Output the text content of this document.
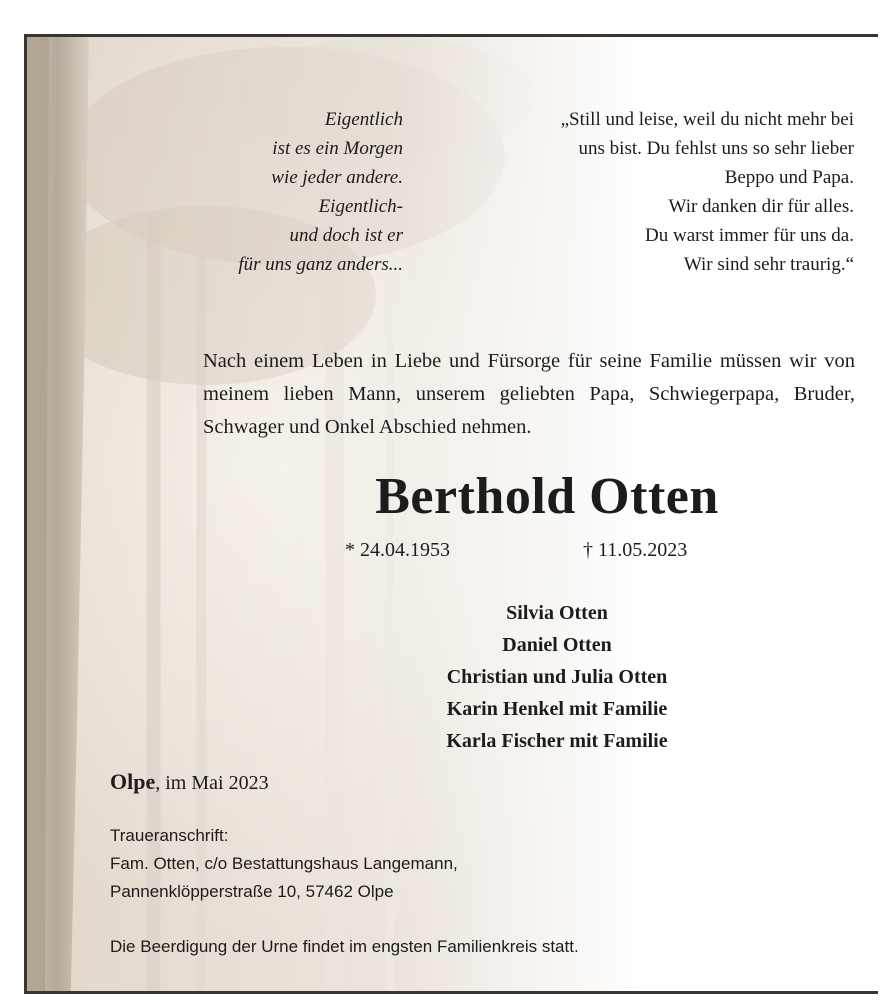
Eigentlich
ist es ein Morgen
wie jeder andere.
Eigentlich-
und doch ist er
für uns ganz anders...
„Still und leise, weil du nicht mehr bei
uns bist. Du fehlst uns so sehr lieber
Beppo und Papa.
Wir danken dir für alles.
Du warst immer für uns da.
Wir sind sehr traurig.“
Nach einem Leben in Liebe und Fürsorge für seine Familie müssen wir von meinem lieben Mann, unserem geliebten Papa, Schwiegerpapa, Bruder, Schwager und Onkel Abschied nehmen.
Berthold Otten
* 24.04.1953	† 11.05.2023
Silvia Otten
Daniel Otten
Christian und Julia Otten
Karin Henkel mit Familie
Karla Fischer mit Familie
Olpe, im Mai 2023
Traueranschrift:
Fam. Otten, c/o Bestattungshaus Langemann,
Pannenklöpperstraße 10, 57462 Olpe
Die Beerdigung der Urne findet im engsten Familienkreis statt.
